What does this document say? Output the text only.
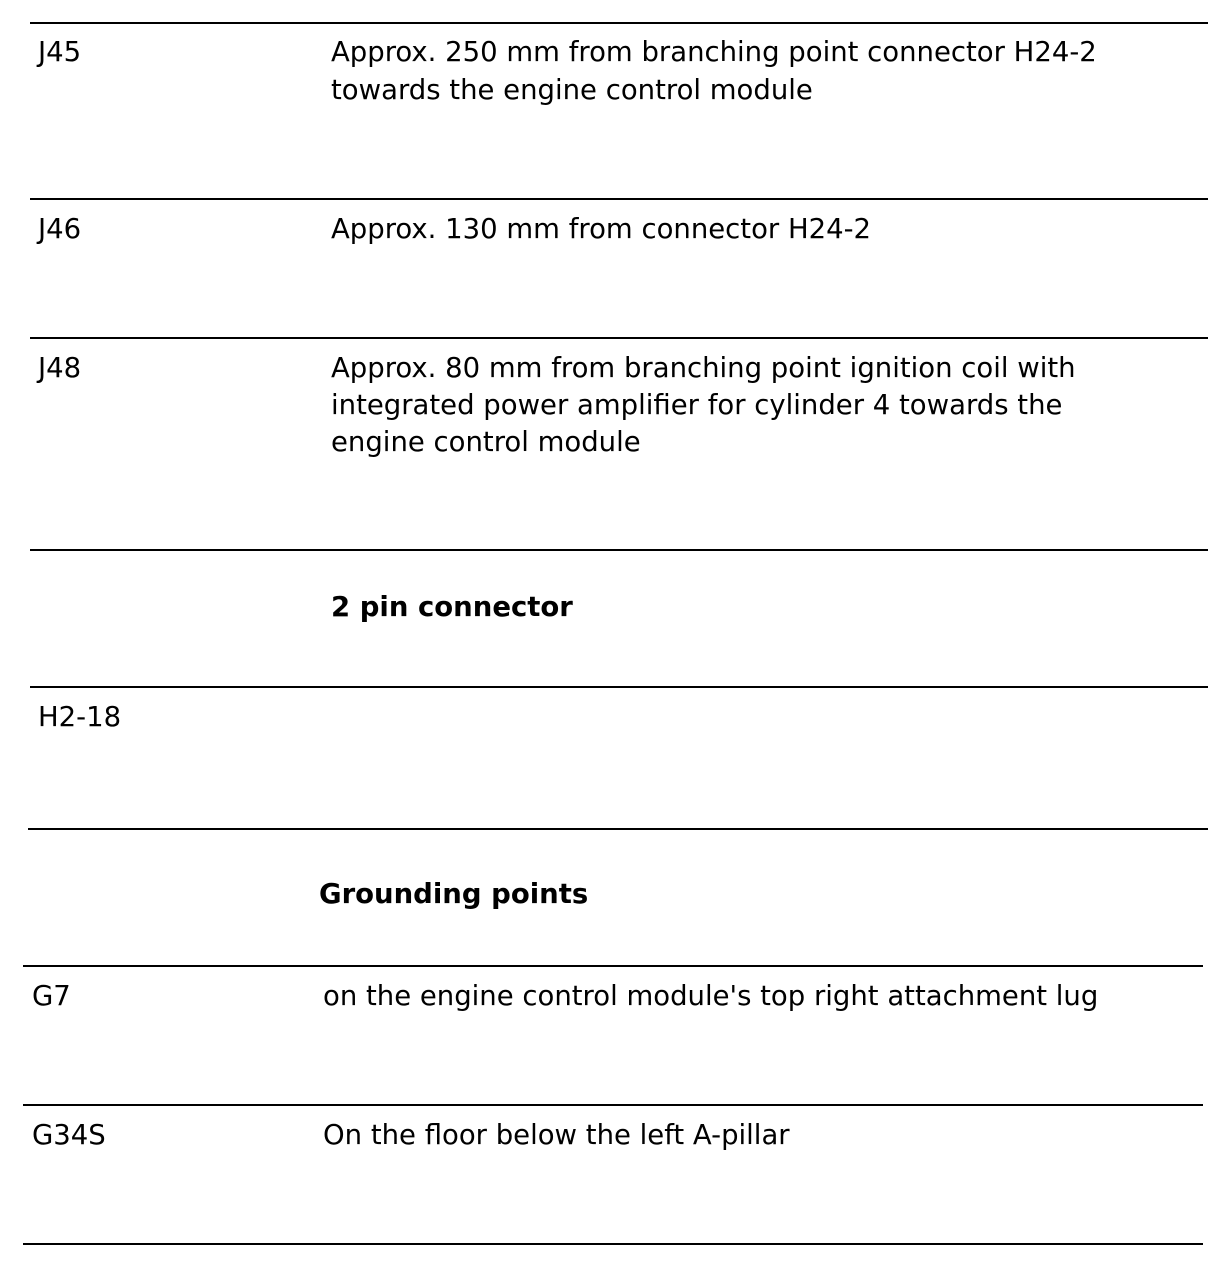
J45	Approx. 250 mm from branching point connector H24-2
towards the engine control module
J46	Approx. 130 mm from connector H24-2
J48	Approx. 80 mm from branching point ignition coil with
integrated power amplifier for cylinder 4 towards the
engine control module
2 pin connector
H2-18
Grounding points
G7	on the engine control module's top right attachment lug
G34S	On the floor below the left A-pillar
